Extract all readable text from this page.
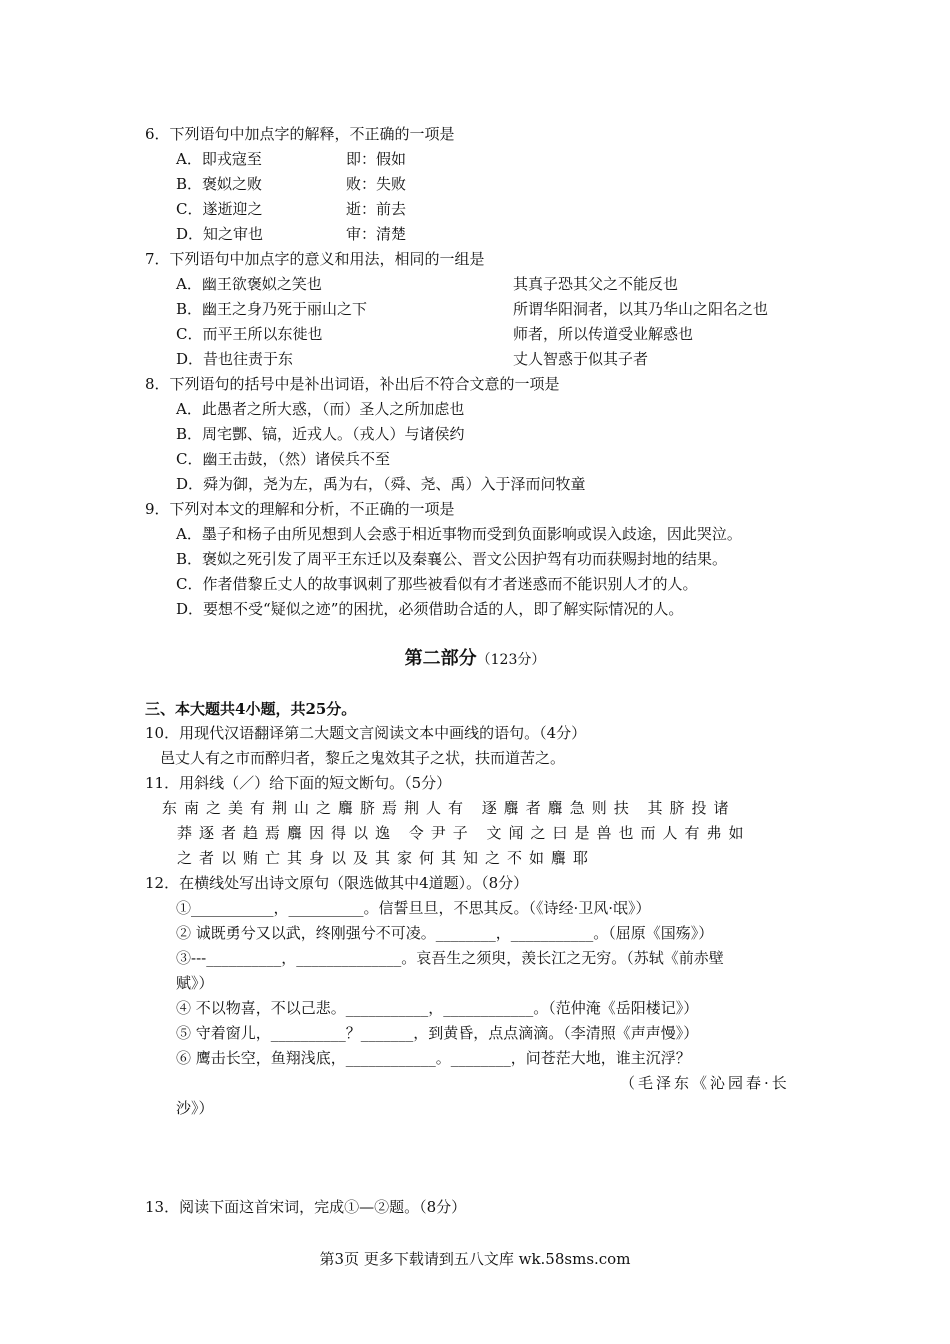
6．下列语句中加点字的解释，不正确的一项是
A．即戎寇至	即：假如
B．褒姒之败	败：失败
C．遂逝迎之	逝：前去
D．知之审也	审：清楚
7．下列语句中加点字的意义和用法，相同的一组是
A．幽王欲褒姒之笑也	其真子恐其父之不能反也
B．幽王之身乃死于丽山之下	所谓华阳洞者，以其乃华山之阳名之也
C．而平王所以东徙也	师者，所以传道受业解惑也
D．昔也往责于东	丈人智惑于似其子者
8．下列语句的括号中是补出词语，补出后不符合文意的一项是
A．此愚者之所大惑，（而）圣人之所加虑也
B．周宅酆、镐，近戎人。（戎人）与诸侯约
C．幽王击鼓，（然）诸侯兵不至
D．舜为御，尧为左，禹为右，（舜、尧、禹）入于泽而问牧童
9．下列对本文的理解和分析，不正确的一项是
A．墨子和杨子由所见想到人会惑于相近事物而受到负面影响或误入歧途，因此哭泣。
B．褒姒之死引发了周平王东迁以及秦襄公、晋文公因护驾有功而获赐封地的结果。
C．作者借黎丘丈人的故事讽刺了那些被看似有才者迷惑而不能识别人才的人。
D．要想不受“疑似之迹”的困扰，必须借助合适的人，即了解实际情况的人。
第二部分（123分）
三、本大题共4小题，共25分。
10．用现代汉语翻译第二大题文言阅读文本中画线的语句。（4分）
邑丈人有之市而醉归者，黎丘之鬼效其子之状，扶而道苦之。
11．用斜线（／）给下面的短文断句。（5分）
东南之美有荆山之麛脐焉荆人有 逐麛者麛急则扶 其脐投诸
莽逐者趋焉麛因得以逸 令尹子 文闻之曰是兽也而人有弗如
之者以贿亡其身以及其家何其知之不如麛耶
12．在横线处写出诗文原句（限选做其中4道题）。（8分）
①___________，__________。信誓旦旦，不思其反。（《诗经·卫风·氓》）
② 诚既勇兮又以武，终刚强兮不可凌。________，___________。（屈原《国殇》）
③---__________，______________。哀吾生之须臾，羡长江之无穷。（苏轼《前赤壁
赋》）
④ 不以物喜，不以己悲。___________，____________。（范仲淹《岳阳楼记》）
⑤ 守着窗儿，__________？_______，到黄昏，点点滴滴。（李清照《声声慢》）
⑥ 鹰击长空，鱼翔浅底，____________。________，问苍茫大地，谁主沉浮？
（毛泽东《沁园春·长
沙》）
13．阅读下面这首宋词，完成①—②题。（8分）
第3页 更多下载请到五八文库 wk.58sms.com
